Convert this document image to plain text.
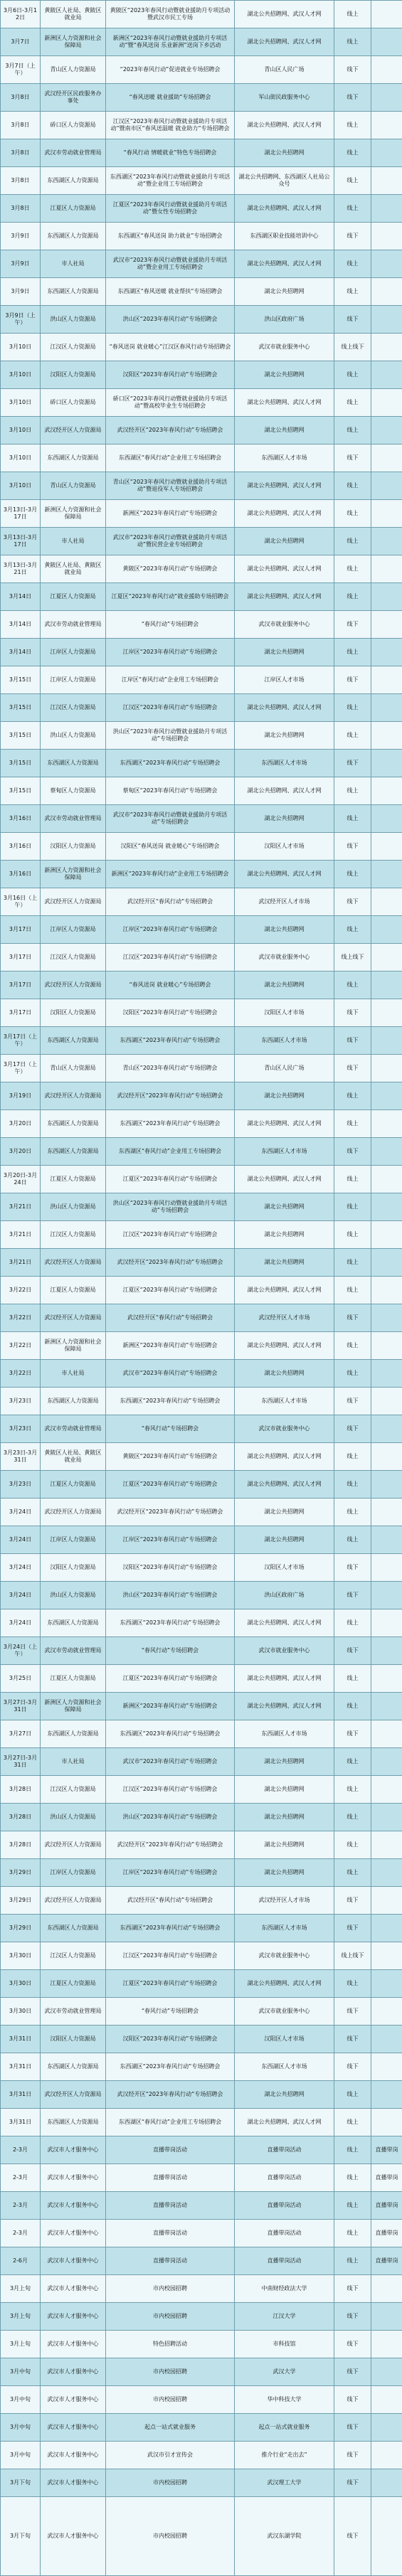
3月6日-3月12日	黄陂区人社局、黄陂区就业局	黄陂区“2023年春风行动暨就业援助月专项活动暨武汉市民工专场	湖北公共招聘网、武汉人才网	线上	
3月7日	新洲区人力资源和社会保障局	新洲区“2023年春风行动暨就业援助月专项活动”暨“春风送岗 乐业新洲”送岗下乡活动	湖北公共招聘网、武汉人才网	线上	
3月7日（上午）	青山区人力资源局	“2023年春风行动”促进就业专场招聘会	青山区人民广场	线下	
3月8日	武汉经开区民政服务办事处	“春风送暖 就业援助”专场招聘会	军山街民政服务中心	线下	
3月8日	硚口区人力资源局	江汉区“2023年春风行动暨就业援助月专项活动”暨南市区“春风送温暖 就业助力”专场招聘会	湖北公共招聘网、武汉人才网	线上	
3月8日	武汉市劳动就业管理局	“春风行动 情暖就业”特色专场招聘会	湖北公共招聘网	线上	
3月8日	东西湖区人力资源局	东西湖区“2023年春风行动暨就业援助月专项活动”暨企业用工专场招聘会	湖北公共招聘网、东西湖区人社局公众号	线上	
3月8日	江夏区人力资源局	江夏区“2023年春风行动暨就业援助月专项活动”暨女性专场招聘会	湖北公共招聘网、武汉人才网	线上	
3月9日	东西湖区人力资源局	东西湖区“春风送岗 助力就业”专场招聘会	东西湖区职业技能培训中心	线下	
3月9日	市人社局	武汉市“2023年春风行动暨就业援助月专项活动”暨企业用工专场招聘会	湖北公共招聘网、武汉人才网	线上	
3月9日	东西湖区人力资源局	东西湖区“春风送暖 就业帮扶”专场招聘会	湖北公共招聘网	线上	
3月9日（上午）	洪山区人力资源局	洪山区“2023年春风行动”专场招聘会	洪山区政府广场	线下	
3月10日	江汉区人力资源局	“春风送岗 就业暖心”江汉区春风行动专场招聘会	武汉市就业服务中心	线上线下	
3月10日	汉阳区人力资源局	汉阳区“2023年春风行动”专场招聘会	湖北公共招聘网	线上	
3月10日	硚口区人力资源局	硚口区“2023年春风行动暨就业援助月专项活动”暨高校毕业生专场招聘会	湖北公共招聘网、武汉人才网	线上	
3月10日	武汉经开区人力资源局	武汉经开区“2023年春风行动”专场招聘会	湖北公共招聘网	线上	
3月10日	东西湖区人力资源局	东西湖区“春风行动”企业用工专场招聘会	东西湖区人才市场	线下	
3月10日	青山区人力资源局	青山区“2023年春风行动暨就业援助月专项活动”暨退役军人专场招聘会	湖北公共招聘网、武汉人才网	线上	
3月13日-3月17日	新洲区人力资源和社会保障局	新洲区“2023年春风行动”专场招聘会	湖北公共招聘网、武汉人才网	线上	
3月13日-3月17日	市人社局	武汉市“2023年春风行动暨就业援助月专项活动”暨民营企业专场招聘会	湖北公共招聘网	线上	
3月13日-3月21日	黄陂区人社局、黄陂区就业局	黄陂区“2023年春风行动”专场招聘会	湖北公共招聘网、武汉人才网	线上	
3月14日	江夏区人力资源局	江夏区“2023年春风行动”就业援助专场招聘会	湖北公共招聘网、武汉人才网	线上	
3月14日	武汉市劳动就业管理局	“春风行动”专场招聘会	武汉市就业服务中心	线下	
3月14日	江岸区人力资源局	江岸区“2023年春风行动”专场招聘会	湖北公共招聘网	线上	
3月15日	江岸区人力资源局	江岸区“春风行动”企业用工专场招聘会	江岸区人才市场	线下	
3月15日	江汉区人力资源局	江汉区“2023年春风行动”专场招聘会	湖北公共招聘网、武汉人才网	线上	
3月15日	洪山区人力资源局	洪山区“2023年春风行动暨就业援助月专项活动”专场招聘会	湖北公共招聘网	线上	
3月15日	东西湖区人力资源局	东西湖区“2023年春风行动”专场招聘会	东西湖区人才市场	线下	
3月15日	蔡甸区人力资源局	蔡甸区“2023年春风行动”专场招聘会	湖北公共招聘网、武汉人才网	线上	
3月16日	武汉市劳动就业管理局	武汉市“2023年春风行动暨就业援助月专项活动”专场招聘会	湖北公共招聘网	线上	
3月16日	汉阳区人力资源局	汉阳区“春风送岗 就业暖心”专场招聘会	汉阳区人才市场	线下	
3月16日	新洲区人力资源和社会保障局	新洲区“2023年春风行动”企业用工专场招聘会	湖北公共招聘网、武汉人才网	线上	
3月16日（上午）	武汉经开区人力资源局	武汉经开区“春风行动”专场招聘会	武汉经开区人才市场	线下	
3月17日	江岸区人力资源局	江岸区“2023年春风行动”专场招聘会	湖北公共招聘网	线上	
3月17日	江汉区人力资源局	江汉区“2023年春风行动”专场招聘会	武汉市就业服务中心	线上线下	
3月17日	武汉经开区人力资源局	“春风送岗 就业暖心”专场招聘会	湖北公共招聘网	线上	
3月17日	汉阳区人力资源局	汉阳区“2023年春风行动”专场招聘会	汉阳区人才市场	线下	
3月17日（上午）	东西湖区人力资源局	东西湖区“2023年春风行动”专场招聘会	东西湖区人才市场	线下	
3月17日（上午）	青山区人力资源局	青山区“2023年春风行动”专场招聘会	青山区人民广场	线下	
3月19日	武汉经开区人力资源局	武汉经开区“2023年春风行动”专场招聘会	湖北公共招聘网	线上	
3月20日	东西湖区人力资源局	东西湖区“2023年春风行动”专场招聘会	湖北公共招聘网、武汉人才网	线上	
3月20日	东西湖区人力资源局	东西湖区“春风行动”企业用工专场招聘会	东西湖区人才市场	线下	
3月20日-3月24日	江夏区人力资源局	江夏区“2023年春风行动”专场招聘会	湖北公共招聘网、武汉人才网	线上	
3月21日	洪山区人力资源局	洪山区“2023年春风行动暨就业援助月专项活动”专场招聘会	湖北公共招聘网	线上	
3月21日	江汉区人力资源局	江汉区“2023年春风行动”专场招聘会	湖北公共招聘网	线上	
3月21日	武汉经开区人力资源局	武汉经开区“2023年春风行动”专场招聘会	湖北公共招聘网	线上	
3月22日	江夏区人力资源局	江夏区“2023年春风行动”专场招聘会	湖北公共招聘网、武汉人才网	线上	
3月22日	武汉经开区人力资源局	武汉经开区“春风行动”专场招聘会	武汉经开区人才市场	线下	
3月22日	新洲区人力资源和社会保障局	新洲区“2023年春风行动”专场招聘会	湖北公共招聘网、武汉人才网	线上	
3月22日	市人社局	武汉市“2023年春风行动”专场招聘会	湖北公共招聘网	线上	
3月23日	东西湖区人力资源局	东西湖区“2023年春风行动”专场招聘会	东西湖区人才市场	线下	
3月23日	武汉市劳动就业管理局	“春风行动”专场招聘会	武汉市就业服务中心	线下	
3月23日-3月31日	黄陂区人社局、黄陂区就业局	黄陂区“2023年春风行动”专场招聘会	湖北公共招聘网、武汉人才网	线上	
3月23日	江夏区人力资源局	江夏区“2023年春风行动”专场招聘会	湖北公共招聘网、武汉人才网	线上	
3月24日	武汉经开区人力资源局	武汉经开区“2023年春风行动”专场招聘会	湖北公共招聘网	线上	
3月24日	江岸区人力资源局	江岸区“2023年春风行动”专场招聘会	湖北公共招聘网	线上	
3月24日	汉阳区人力资源局	汉阳区“2023年春风行动”专场招聘会	汉阳区人才市场	线下	
3月24日	洪山区人力资源局	洪山区“2023年春风行动”专场招聘会	洪山区政府广场	线下	
3月24日	东西湖区人力资源局	东西湖区“2023年春风行动”专场招聘会	湖北公共招聘网、武汉人才网	线上	
3月24日（上午）	武汉市劳动就业管理局	“春风行动”专场招聘会	武汉市就业服务中心	线下	
3月25日	江夏区人力资源局	江夏区“2023年春风行动”专场招聘会	湖北公共招聘网、武汉人才网	线上	
3月27日-3月31日	新洲区人力资源和社会保障局	新洲区“2023年春风行动”专场招聘会	湖北公共招聘网、武汉人才网	线上	
3月27日	东西湖区人力资源局	东西湖区“2023年春风行动”专场招聘会	东西湖区人才市场	线下	
3月27日-3月31日	市人社局	武汉市“2023年春风行动”专场招聘会	湖北公共招聘网	线上	
3月28日	江汉区人力资源局	江汉区“2023年春风行动”专场招聘会	湖北公共招聘网	线上	
3月28日	洪山区人力资源局	洪山区“2023年春风行动”专场招聘会	湖北公共招聘网	线上	
3月28日	武汉经开区人力资源局	武汉经开区“2023年春风行动”专场招聘会	湖北公共招聘网	线上	
3月29日	江岸区人力资源局	江岸区“2023年春风行动”专场招聘会	湖北公共招聘网	线上	
3月29日	武汉经开区人力资源局	武汉经开区“春风行动”专场招聘会	武汉经开区人才市场	线下	
3月29日	东西湖区人力资源局	东西湖区“2023年春风行动”专场招聘会	东西湖区人才市场	线下	
3月30日	江汉区人力资源局	江汉区“2023年春风行动”专场招聘会	武汉市就业服务中心	线上线下	
3月30日	江夏区人力资源局	江夏区“2023年春风行动”专场招聘会	湖北公共招聘网、武汉人才网	线上	
3月30日	武汉市劳动就业管理局	“春风行动”专场招聘会	武汉市就业服务中心	线下	
3月31日	汉阳区人力资源局	汉阳区“2023年春风行动”专场招聘会	汉阳区人才市场	线下	
3月31日	东西湖区人力资源局	东西湖区“2023年春风行动”专场招聘会	东西湖区人才市场	线下	
3月31日	武汉经开区人力资源局	武汉经开区“2023年春风行动”专场招聘会	湖北公共招聘网	线上	
3月31日	东西湖区人力资源局	东西湖区“春风行动”企业用工专场招聘会	湖北公共招聘网、武汉人才网	线上	
2-3月	武汉市人才服务中心	直播带岗活动	直播带岗活动	线上	直播带岗
2-3月	武汉市人才服务中心	直播带岗活动	直播带岗活动	线上	直播带岗
2-3月	武汉市人才服务中心	直播带岗活动	直播带岗活动	线上	直播带岗
2-3月	武汉市人才服务中心	直播带岗活动	直播带岗活动	线上	直播带岗
2-6月	武汉市人才服务中心	直播带岗活动	直播带岗活动	线上	直播带岗
3月上旬	武汉市人才服务中心	市内校园招聘	中南财经政法大学	线下	
3月上旬	武汉市人才服务中心	市内校园招聘	江汉大学	线下	
3月上旬	武汉市人才服务中心	特色招聘活动	市科技馆	线下	
3月中旬	武汉市人才服务中心	市内校园招聘	武汉大学	线下	
3月中旬	武汉市人才服务中心	市内校园招聘	华中科技大学	线下	
3月中旬	武汉市人才服务中心	起点一站式就业服务	起点一站式就业服务	线下	
3月中旬	武汉市人才服务中心	武汉市引才宣传会	推介行业“走出去”	线下	
3月下旬	武汉市人才服务中心	市内校园招聘	武汉理工大学	线下	
3月下旬	武汉市人才服务中心	市内校园招聘	武汉东湖学院	线下	
